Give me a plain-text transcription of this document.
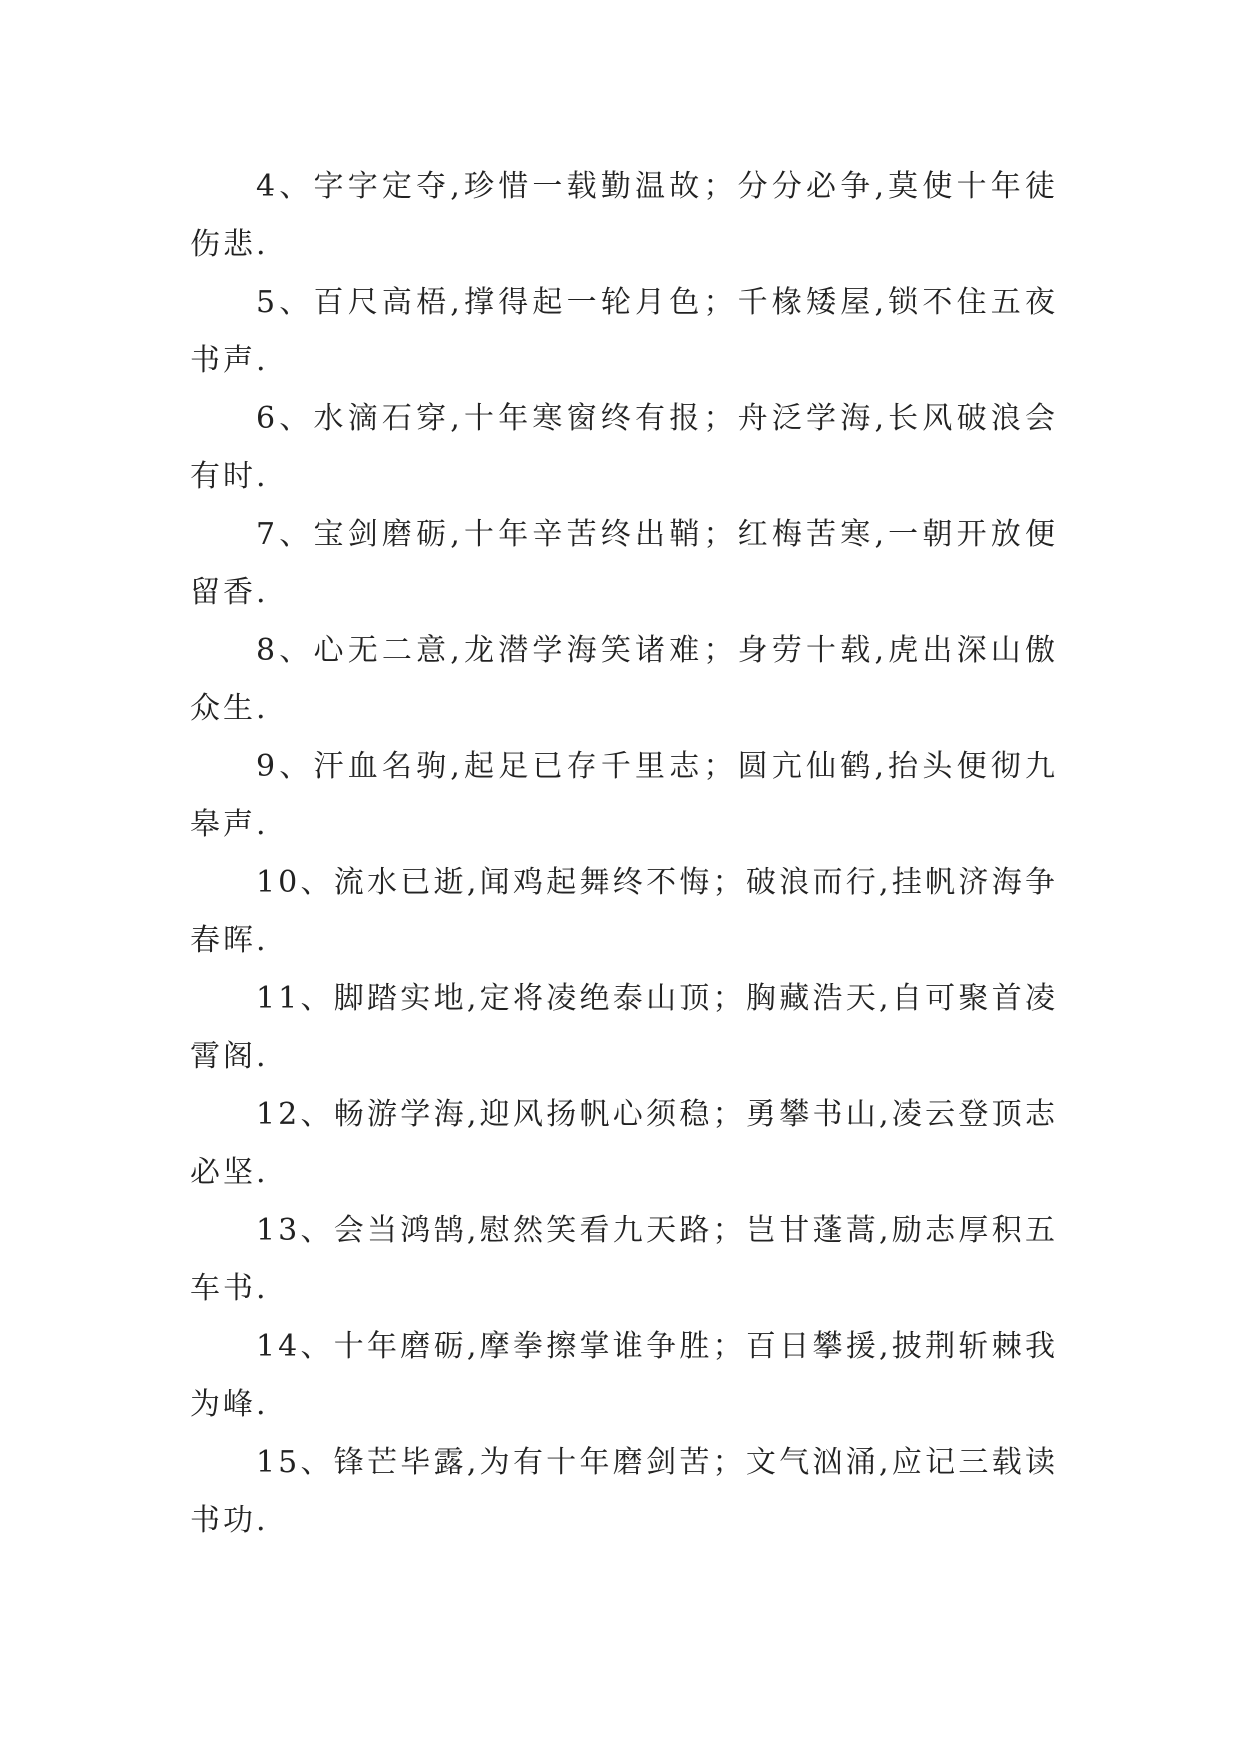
4、字字定夺,珍惜一载勤温故；分分必争,莫使十年徒伤悲.

5、百尺高梧,撑得起一轮月色；千椽矮屋,锁不住五夜书声.

6、水滴石穿,十年寒窗终有报；舟泛学海,长风破浪会有时.

7、宝剑磨砺,十年辛苦终出鞘；红梅苦寒,一朝开放便留香.

8、心无二意,龙潜学海笑诸难；身劳十载,虎出深山傲众生.

9、汗血名驹,起足已存千里志；圆亢仙鹤,抬头便彻九皋声.

10、流水已逝,闻鸡起舞终不悔；破浪而行,挂帆济海争春晖.

11、脚踏实地,定将凌绝泰山顶；胸藏浩天,自可聚首凌霄阁.

12、畅游学海,迎风扬帆心须稳；勇攀书山,凌云登顶志必坚.

13、会当鸿鹄,慰然笑看九天路；岂甘蓬蒿,励志厚积五车书.

14、十年磨砺,摩拳擦掌谁争胜；百日攀援,披荆斩棘我为峰.

15、锋芒毕露,为有十年磨剑苦；文气汹涌,应记三载读书功.
